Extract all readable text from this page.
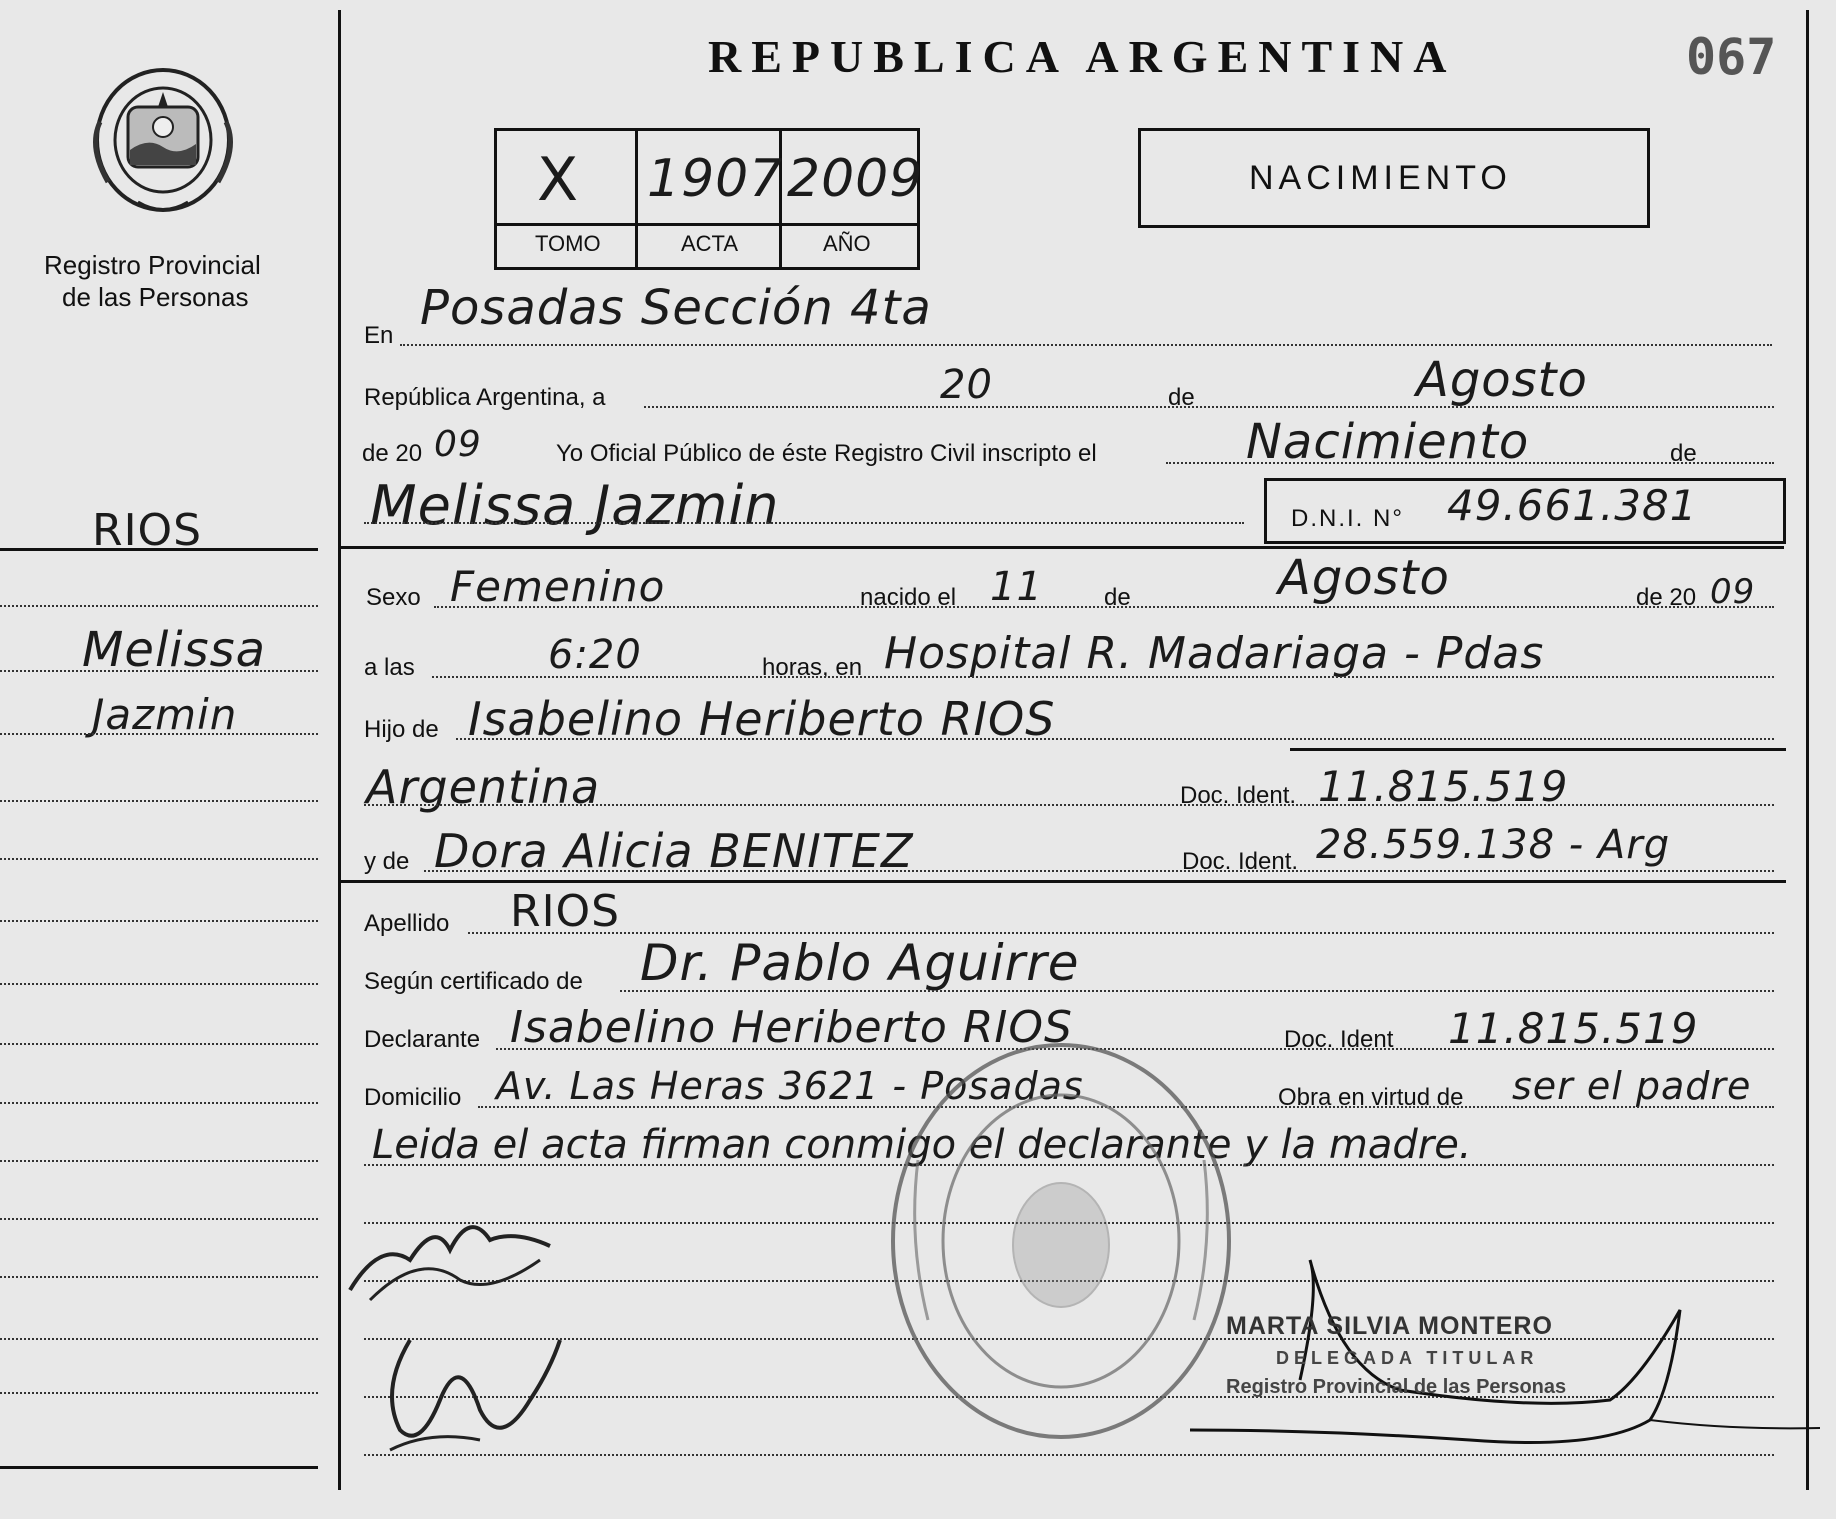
Registro Provincial
de las Personas
RIOS
Melissa
Jazmin
REPUBLICA ARGENTINA	067
X 1907 2009
TOMO	ACTA	AÑO
NACIMIENTO
En Posadas Sección 4ta
República Argentina, a	20	de	Agosto
de 20 09	Yo Oficial Público de éste Registro Civil inscripto el	Nacimiento	de
Melissa Jazmin	D.N.I. N° 49.661.381
Sexo Femenino	nacido el 11	de	Agosto	de 20 09
a las	6:20	horas, en Hospital R. Madariaga - Pdas
Hijo de Isabelino Heriberto RIOS
Argentina	Doc. Ident. 11.815.519
y de Dora Alicia BENITEZ	Doc. Ident. 28.559.138 - Arg
Apellido RIOS
Según certificado de Dr. Pablo Aguirre
Declarante Isabelino Heriberto RIOS	Doc. Ident 11.815.519
Domicilio Av. Las Heras 3621 - Posadas	Obra en virtud de ser el padre
Leida el acta firman conmigo el declarante y la madre.
MARTA SILVIA MONTERO
DELEGADA TITULAR
Registro Provincial de las Personas
